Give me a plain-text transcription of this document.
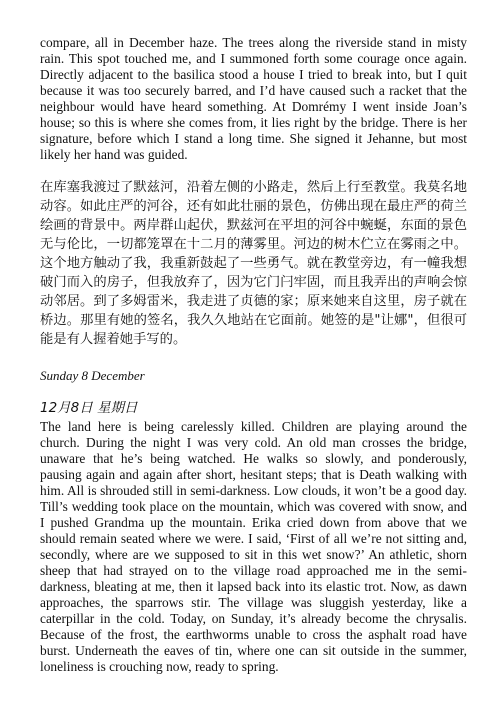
compare, all in December haze. The trees along the riverside stand in misty rain. This spot touched me, and I summoned forth some courage once again. Directly adjacent to the basilica stood a house I tried to break into, but I quit because it was too securely barred, and I’d have caused such a racket that the neighbour would have heard something. At Domrémy I went inside Joan’s house; so this is where she comes from, it lies right by the bridge. There is her signature, before which I stand a long time. She signed it Jehanne, but most likely her hand was guided.

在库塞我渡过了默兹河，沿着左侧的小路走，然后上行至教堂。我莫名地动容。如此庄严的河谷，还有如此壮丽的景色，仿佛出现在最庄严的荷兰绘画的背景中。两岸群山起伏，默兹河在平坦的河谷中蜿蜒，东面的景色无与伦比，一切都笼罩在十二月的薄雾里。河边的树木伫立在雾雨之中。这个地方触动了我，我重新鼓起了一些勇气。就在教堂旁边，有一幢我想破门而入的房子，但我放弃了，因为它门闩牢固，而且我弄出的声响会惊动邻居。到了多姆雷米，我走进了贞德的家；原来她来自这里，房子就在桥边。那里有她的签名，我久久地站在它面前。她签的是"让娜"，但很可能是有人握着她手写的。

Sunday 8 December
12月8日 星期日

The land here is being carelessly killed. Children are playing around the church. During the night I was very cold. An old man crosses the bridge, unaware that he’s being watched. He walks so slowly, and ponderously, pausing again and again after short, hesitant steps; that is Death walking with him. All is shrouded still in semi-darkness. Low clouds, it won’t be a good day. Till’s wedding took place on the mountain, which was covered with snow, and I pushed Grandma up the mountain. Erika cried down from above that we should remain seated where we were. I said, ‘First of all we’re not sitting and, secondly, where are we supposed to sit in this wet snow?’ An athletic, shorn sheep that had strayed on to the village road approached me in the semi-darkness, bleating at me, then it lapsed back into its elastic trot. Now, as dawn approaches, the sparrows stir. The village was sluggish yesterday, like a caterpillar in the cold. Today, on Sunday, it’s already become the chrysalis. Because of the frost, the earthworms unable to cross the asphalt road have burst. Underneath the eaves of tin, where one can sit outside in the summer, loneliness is crouching now, ready to spring.
